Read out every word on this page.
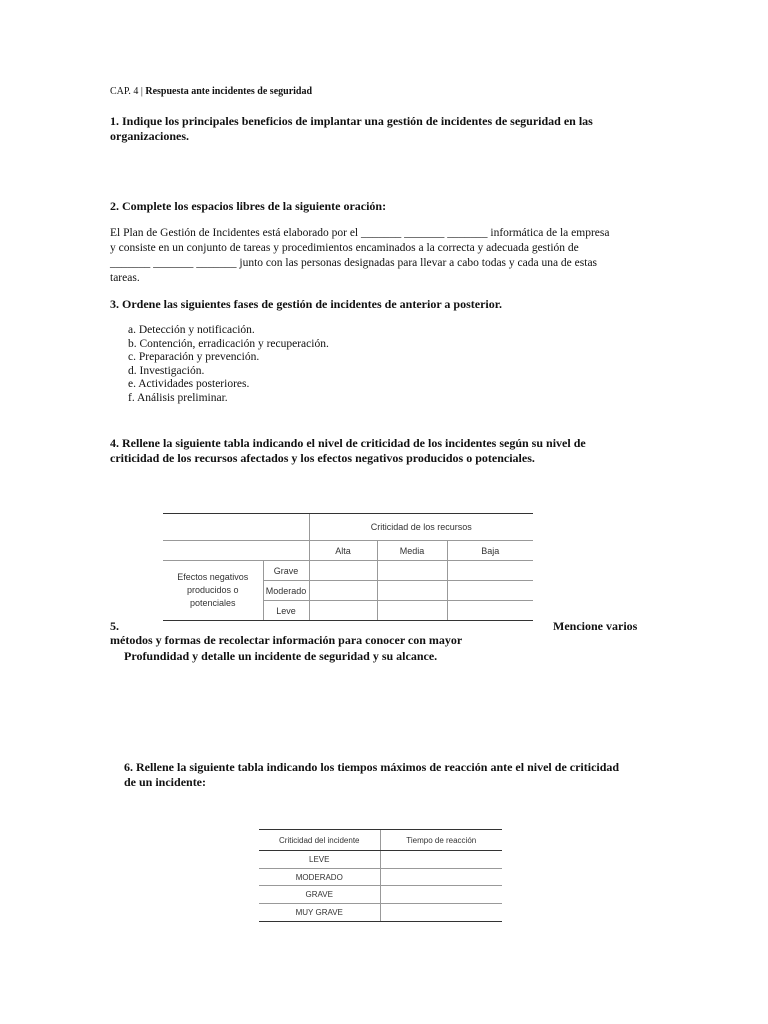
CAP. 4 | Respuesta ante incidentes de seguridad
1. Indique los principales beneficios de implantar una gestión de incidentes de seguridad en las
organizaciones.
2. Complete los espacios libres de la siguiente oración:
El Plan de Gestión de Incidentes está elaborado por el _______ _______ _______ informática de la empresa
y consiste en un conjunto de tareas y procedimientos encaminados a la correcta y adecuada gestión de
_______ _______ _______ junto con las personas designadas para llevar a cabo todas y cada una de estas
tareas.
3. Ordene las siguientes fases de gestión de incidentes de anterior a posterior.
a. Detección y notificación.
b. Contención, erradicación y recuperación.
c. Preparación y prevención.
d. Investigación.
e. Actividades posteriores.
f. Análisis preliminar.
4. Rellene la siguiente tabla indicando el nivel de criticidad de los incidentes según su nivel de
criticidad de los recursos afectados y los efectos negativos producidos o potenciales.
		Criticidad de los recursos		
		Alta	Media	Baja

Efectos negativos
producidos o
potenciales	Grave			
	Moderado			
	Leve			
5.	Mencione varios
métodos y formas de recolectar información para conocer con mayor
Profundidad y detalle un incidente de seguridad y su alcance.
6. Rellene la siguiente tabla indicando los tiempos máximos de reacción ante el nivel de criticidad
de un incidente:
Criticidad del incidente	Tiempo de reacción
LEVE	
MODERADO	
GRAVE	
MUY GRAVE	
